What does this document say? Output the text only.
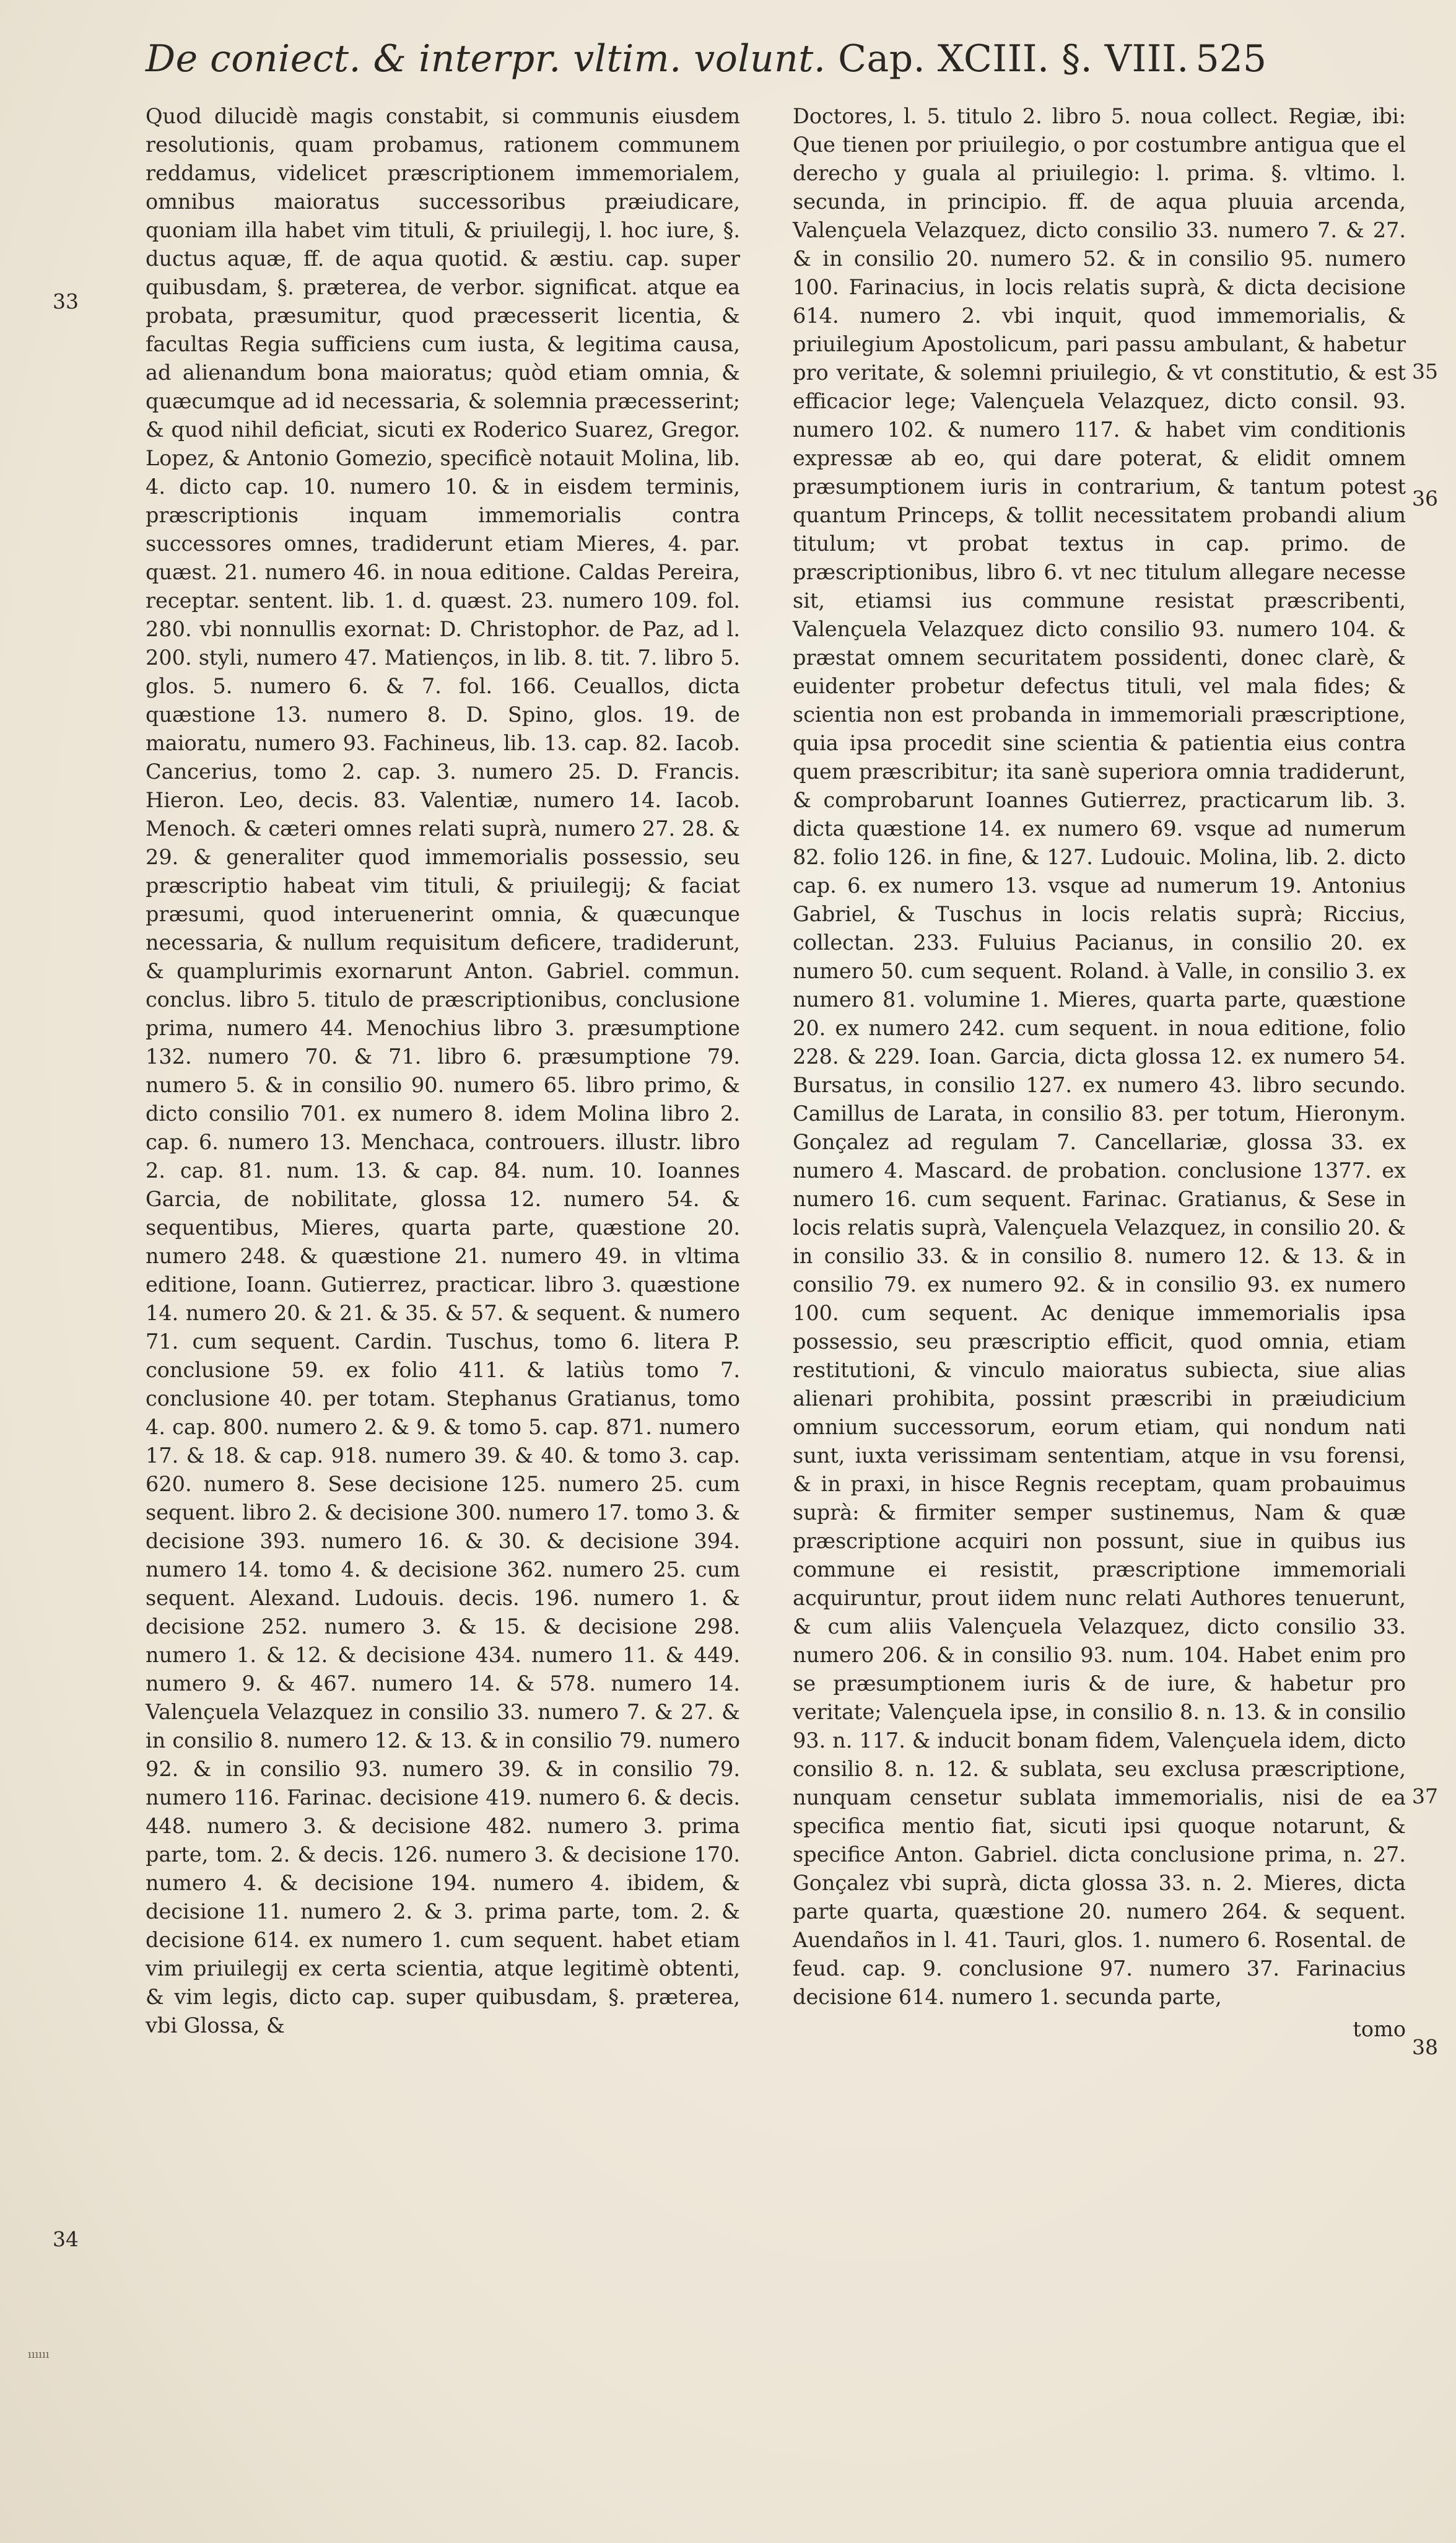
De coniect. & interpr. vltim. volunt. Cap. XCIII. §. VIII. 525

Quod dilucidè magis constabit, si communis eiusdem resolutionis, quam probamus, rationem communem reddamus, videlicet præscriptionem immemorialem, omnibus maioratus successoribus præiudicare, quoniam illa habet vim tituli, & priuilegij, l. hoc iure, §. ductus aquæ, ff. de aqua quotid. & æstiu. cap. super quibusdam, §. præterea, de verbor. significat. atque ea probata, præsumitur, quod præcesserit licentia, & facultas Regia sufficiens cum iusta, & legitima causa, ad alienandum bona maioratus; quòd etiam omnia, & quæcumque ad id necessaria, & solemnia præcesserint; & quod nihil deficiat, sicuti ex Roderico Suarez, Gregor. Lopez, & Antonio Gomezio, specificè notauit Molina, lib. 4. dicto cap. 10. numero 10. & in eisdem terminis, præscriptionis inquam immemorialis contra successores omnes, tradiderunt etiam Mieres, 4. par. quæst. 21. numero 46. in noua editione. Caldas Pereira, receptar. sentent. lib. 1. d. quæst. 23. numero 109. fol. 280. vbi nonnullis exornat: D. Christophor. de Paz, ad l. 200. styli, numero 47. Matienços, in lib. 8. tit. 7. libro 5. glos. 5. numero 6. & 7. fol. 166. Ceuallos, dicta quæstione 13. numero 8. D. Spino, glos. 19. de maioratu, numero 93. Fachineus, lib. 13. cap. 82. Iacob. Cancerius, tomo 2. cap. 3. numero 25. D. Francis. Hieron. Leo, decis. 83. Valentiæ, numero 14. Iacob. Menoch. & cæteri omnes relati suprà, numero 27. 28. & 29. & generaliter quod immemorialis possessio, seu præscriptio habeat vim tituli, & priuilegij; & faciat præsumi, quod interuenerint omnia, & quæcunque necessaria, & nullum requisitum deficere, tradiderunt, & quamplurimis exornarunt Anton. Gabriel. commun. conclus. libro 5. titulo de præscriptionibus, conclusione prima, numero 44. Menochius libro 3. præsumptione 132. numero 70. & 71. libro 6. præsumptione 79. numero 5. & in consilio 90. numero 65. libro primo, & dicto consilio 701. ex numero 8. idem Molina libro 2. cap. 6. numero 13. Menchaca, controuers. illustr. libro 2. cap. 81. num. 13. & cap. 84. num. 10. Ioannes Garcia, de nobilitate, glossa 12. numero 54. & sequentibus, Mieres, quarta parte, quæstione 20. numero 248. & quæstione 21. numero 49. in vltima editione, Ioann. Gutierrez, practicar. libro 3. quæstione 14. numero 20. & 21. & 35. & 57. & sequent. & numero 71. cum sequent. Cardin. Tuschus, tomo 6. litera P. conclusione 59. ex folio 411. & latiùs tomo 7. conclusione 40. per totam. Stephanus Gratianus, tomo 4. cap. 800. numero 2. & 9. & tomo 5. cap. 871. numero 17. & 18. & cap. 918. numero 39. & 40. & tomo 3. cap. 620. numero 8. Sese decisione 125. numero 25. cum sequent. libro 2. & decisione 300. numero 17. tomo 3. & decisione 393. numero 16. & 30. & decisione 394. numero 14. tomo 4. & decisione 362. numero 25. cum sequent. Alexand. Ludouis. decis. 196. numero 1. & decisione 252. numero 3. & 15. & decisione 298. numero 1. & 12. & decisione 434. numero 11. & 449. numero 9. & 467. numero 14. & 578. numero 14. Valençuela Velazquez in consilio 33. numero 7. & 27. & in consilio 8. numero 12. & 13. & in consilio 79. numero 92. & in consilio 93. numero 39. & in consilio 79. numero 116. Farinac. decisione 419. numero 6. & decis. 448. numero 3. & decisione 482. numero 3. prima parte, tom. 2. & decis. 126. numero 3. & decisione 170. numero 4. & decisione 194. numero 4. ibidem, & decisione 11. numero 2. & 3. prima parte, tom. 2. & decisione 614. ex numero 1. cum sequent. habet etiam vim priuilegij ex certa scientia, atque legitimè obtenti, & vim legis, dicto cap. super quibusdam, §. præterea, vbi Glossa, &

Doctores, l. 5. titulo 2. libro 5. noua collect. Regiæ, ibi: Que tienen por priuilegio, o por costumbre antigua que el derecho y guala al priuilegio: l. prima. §. vltimo. l. secunda, in principio. ff. de aqua pluuia arcenda, Valençuela Velazquez, dicto consilio 33. numero 7. & 27. & in consilio 20. numero 52. & in consilio 95. numero 100. Farinacius, in locis relatis suprà, & dicta decisione 614. numero 2. vbi inquit, quod immemorialis, & priuilegium Apostolicum, pari passu ambulant, & habetur pro veritate, & solemni priuilegio, & vt constitutio, & est efficacior lege; Valençuela Velazquez, dicto consil. 93. numero 102. & numero 117. & habet vim conditionis expressæ ab eo, qui dare poterat, & elidit omnem præsumptionem iuris in contrarium, & tantum potest quantum Princeps, & tollit necessitatem probandi alium titulum; vt probat textus in cap. primo. de præscriptionibus, libro 6. vt nec titulum allegare necesse sit, etiamsi ius commune resistat præscribenti, Valençuela Velazquez dicto consilio 93. numero 104. & præstat omnem securitatem possidenti, donec clarè, & euidenter probetur defectus tituli, vel mala fides; & scientia non est probanda in immemoriali præscriptione, quia ipsa procedit sine scientia & patientia eius contra quem præscribitur; ita sanè superiora omnia tradiderunt, & comprobarunt Ioannes Gutierrez, practicarum lib. 3. dicta quæstione 14. ex numero 69. vsque ad numerum 82. folio 126. in fine, & 127. Ludouic. Molina, lib. 2. dicto cap. 6. ex numero 13. vsque ad numerum 19. Antonius Gabriel, & Tuschus in locis relatis suprà; Riccius, collectan. 233. Fuluius Pacianus, in consilio 20. ex numero 50. cum sequent. Roland. à Valle, in consilio 3. ex numero 81. volumine 1. Mieres, quarta parte, quæstione 20. ex numero 242. cum sequent. in noua editione, folio 228. & 229. Ioan. Garcia, dicta glossa 12. ex numero 54. Bursatus, in consilio 127. ex numero 43. libro secundo. Camillus de Larata, in consilio 83. per totum, Hieronym. Gonçalez ad regulam 7. Cancellariæ, glossa 33. ex numero 4. Mascard. de probation. conclusione 1377. ex numero 16. cum sequent. Farinac. Gratianus, & Sese in locis relatis suprà, Valençuela Velazquez, in consilio 20. & in consilio 33. & in consilio 8. numero 12. & 13. & in consilio 79. ex numero 92. & in consilio 93. ex numero 100. cum sequent. Ac denique immemorialis ipsa possessio, seu præscriptio efficit, quod omnia, etiam restitutioni, & vinculo maioratus subiecta, siue alias alienari prohibita, possint præscribi in præiudicium omnium successorum, eorum etiam, qui nondum nati sunt, iuxta verissimam sententiam, atque in vsu forensi, & in praxi, in hisce Regnis receptam, quam probauimus suprà: & firmiter semper sustinemus, Nam & quæ præscriptione acquiri non possunt, siue in quibus ius commune ei resistit, præscriptione immemoriali acquiruntur, prout iidem nunc relati Authores tenuerunt, & cum aliis Valençuela Velazquez, dicto consilio 33. numero 206. & in consilio 93. num. 104. Habet enim pro se præsumptionem iuris & de iure, & habetur pro veritate; Valençuela ipse, in consilio 8. n. 13. & in consilio 93. n. 117. & inducit bonam fidem, Valençuela idem, dicto consilio 8. n. 12. & sublata, seu exclusa præscriptione, nunquam censetur sublata immemorialis, nisi de ea specifica mentio fiat, sicuti ipsi quoque notarunt, & specifice Anton. Gabriel. dicta conclusione prima, n. 27. Gonçalez vbi suprà, dicta glossa 33. n. 2. Mieres, dicta parte quarta, quæstione 20. numero 264. & sequent. Auendaños in l. 41. Tauri, glos. 1. numero 6. Rosental. de feud. cap. 9. conclusione 97. numero 37. Farinacius decisione 614. numero 1. secunda parte,

tomo
33
34
35
36
37
38
ıııııı
